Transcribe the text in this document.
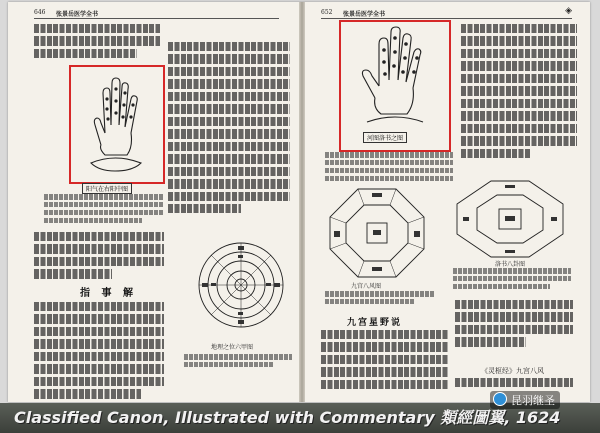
646 张景岳医学全书
阳气在右阳中图
指 事 解
地理之位六甲图
652 张景岳医学全书	◈
河图洛书之图
九宫八风图
洛书八卦图
九宫星野说
《灵枢经》九宫八风
Classified Canon, Illustrated with Commentary 類經圖翼, 1624
昆羽继圣
